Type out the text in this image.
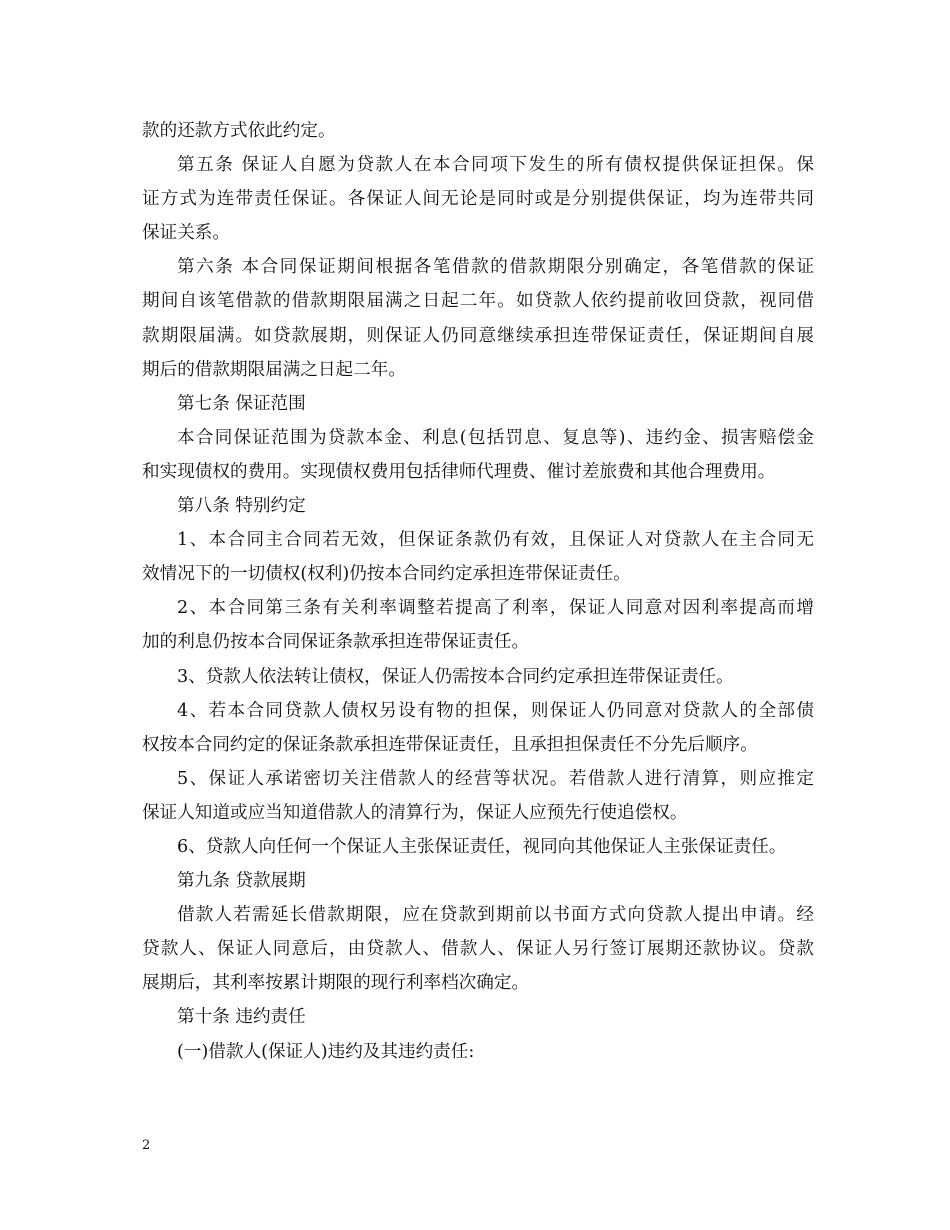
款的还款方式依此约定。
第五条 保证人自愿为贷款人在本合同项下发生的所有债权提供保证担保。保
证方式为连带责任保证。各保证人间无论是同时或是分别提供保证，均为连带共同
保证关系。
第六条 本合同保证期间根据各笔借款的借款期限分别确定，各笔借款的保证
期间自该笔借款的借款期限届满之日起二年。如贷款人依约提前收回贷款，视同借
款期限届满。如贷款展期，则保证人仍同意继续承担连带保证责任，保证期间自展
期后的借款期限届满之日起二年。
第七条 保证范围
本合同保证范围为贷款本金、利息(包括罚息、复息等)、违约金、损害赔偿金
和实现债权的费用。实现债权费用包括律师代理费、催讨差旅费和其他合理费用。
第八条 特别约定
1、本合同主合同若无效，但保证条款仍有效，且保证人对贷款人在主合同无
效情况下的一切债权(权利)仍按本合同约定承担连带保证责任。
2、本合同第三条有关利率调整若提高了利率，保证人同意对因利率提高而增
加的利息仍按本合同保证条款承担连带保证责任。
3、贷款人依法转让债权，保证人仍需按本合同约定承担连带保证责任。
4、若本合同贷款人债权另设有物的担保，则保证人仍同意对贷款人的全部债
权按本合同约定的保证条款承担连带保证责任，且承担担保责任不分先后顺序。
5、保证人承诺密切关注借款人的经营等状况。若借款人进行清算，则应推定
保证人知道或应当知道借款人的清算行为，保证人应预先行使追偿权。
6、贷款人向任何一个保证人主张保证责任，视同向其他保证人主张保证责任。
第九条 贷款展期
借款人若需延长借款期限，应在贷款到期前以书面方式向贷款人提出申请。经
贷款人、保证人同意后，由贷款人、借款人、保证人另行签订展期还款协议。贷款
展期后，其利率按累计期限的现行利率档次确定。
第十条 违约责任
(一)借款人(保证人)违约及其违约责任:
2
